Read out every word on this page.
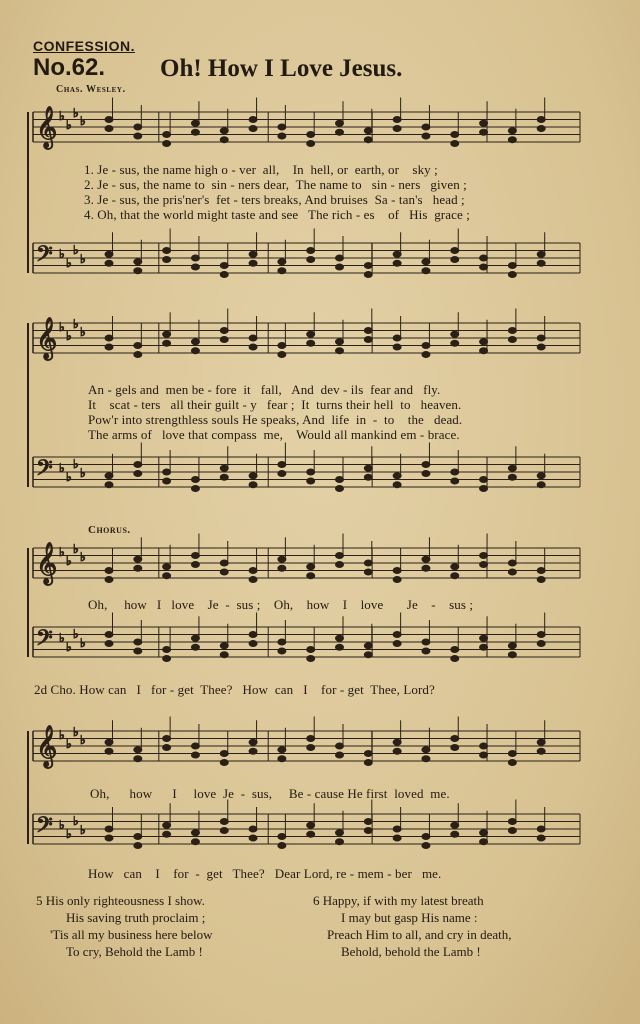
CONFESSION.
No.62. Oh! How I Love Jesus.
Chas. Wesley.
𝄞 ♭
♭
♭
♭
𝄢 ♭
♭
♭
♭
𝄞 ♭
♭
♭
♭
𝄢 ♭
♭
♭
♭
𝄞 ♭
♭
♭
♭
𝄢 ♭
♭
♭
♭
𝄞 ♭
♭
♭
♭
𝄢 ♭
♭
♭
♭
1. Je - sus, the name high o - ver  all,    In  hell, or  earth, or    sky ;
2. Je - sus, the name to  sin - ners dear,  The name to   sin - ners   given ;
3. Je - sus, the pris'ner's  fet - ters breaks, And bruises  Sa - tan's   head ;
4. Oh, that the world might taste and see   The rich - es    of   His  grace ;
An - gels and  men be - fore  it   fall,   And  dev - ils  fear and   fly.
It    scat - ters   all their guilt - y   fear ;  It  turns their hell  to   heaven.
Pow'r into strengthless souls He speaks, And  life  in  -  to    the   dead.
The arms of   love that compass  me,    Would all mankind em - brace.
Chorus.
Oh,     how   I   love    Je  -  sus ;    Oh,    how    I    love       Je    -    sus ;
2d Cho. How can   I   for - get  Thee?   How  can   I    for - get  Thee, Lord?
Oh,      how      I     love  Je  -  sus,     Be - cause He first  loved  me.
How   can    I    for  -  get   Thee?   Dear Lord, re - mem - ber   me.
5 His only righteousness I show.
His saving truth proclaim ;
'Tis all my business here below
To cry, Behold the Lamb !
6 Happy, if with my latest breath
I may but gasp His name :
Preach Him to all, and cry in death,
Behold, behold the Lamb !
